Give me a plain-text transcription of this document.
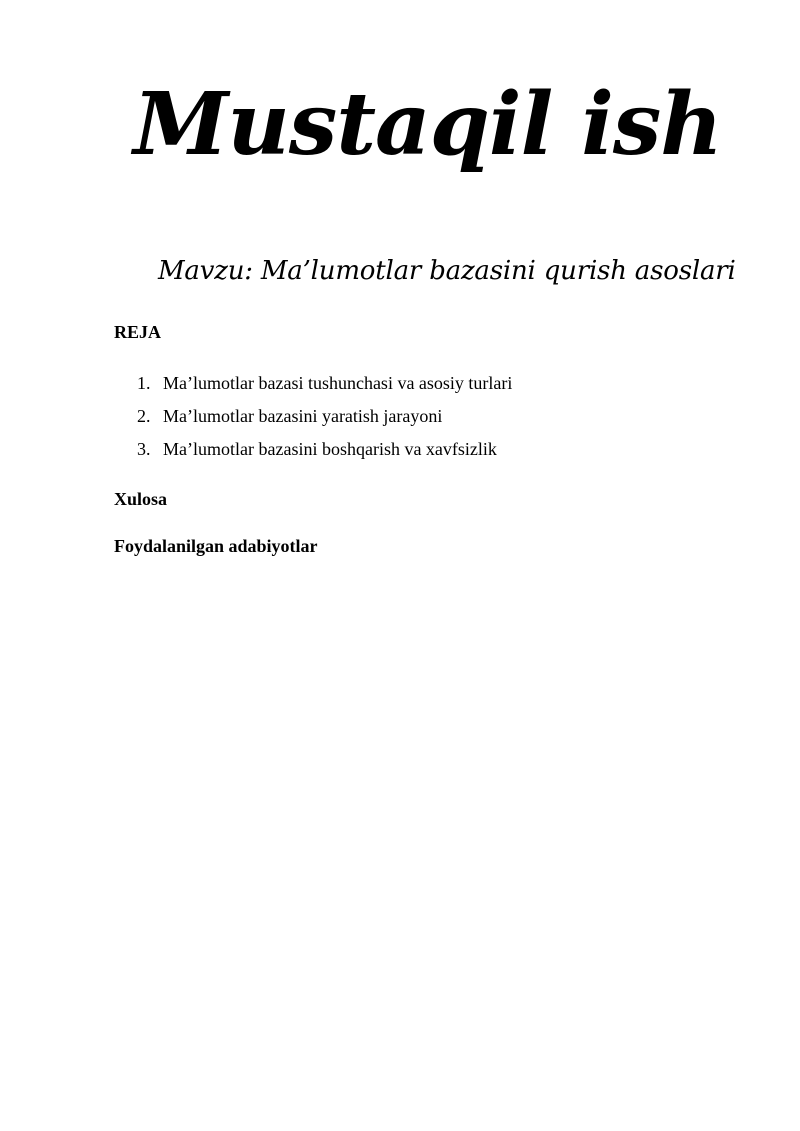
Mustaqil ish
Mavzu: Ma’lumotlar bazasini qurish asoslari
REJA
1. Ma’lumotlar bazasi tushunchasi va asosiy turlari
2. Ma’lumotlar bazasini yaratish jarayoni
3. Ma’lumotlar bazasini boshqarish va xavfsizlik
Xulosa
Foydalanilgan adabiyotlar
